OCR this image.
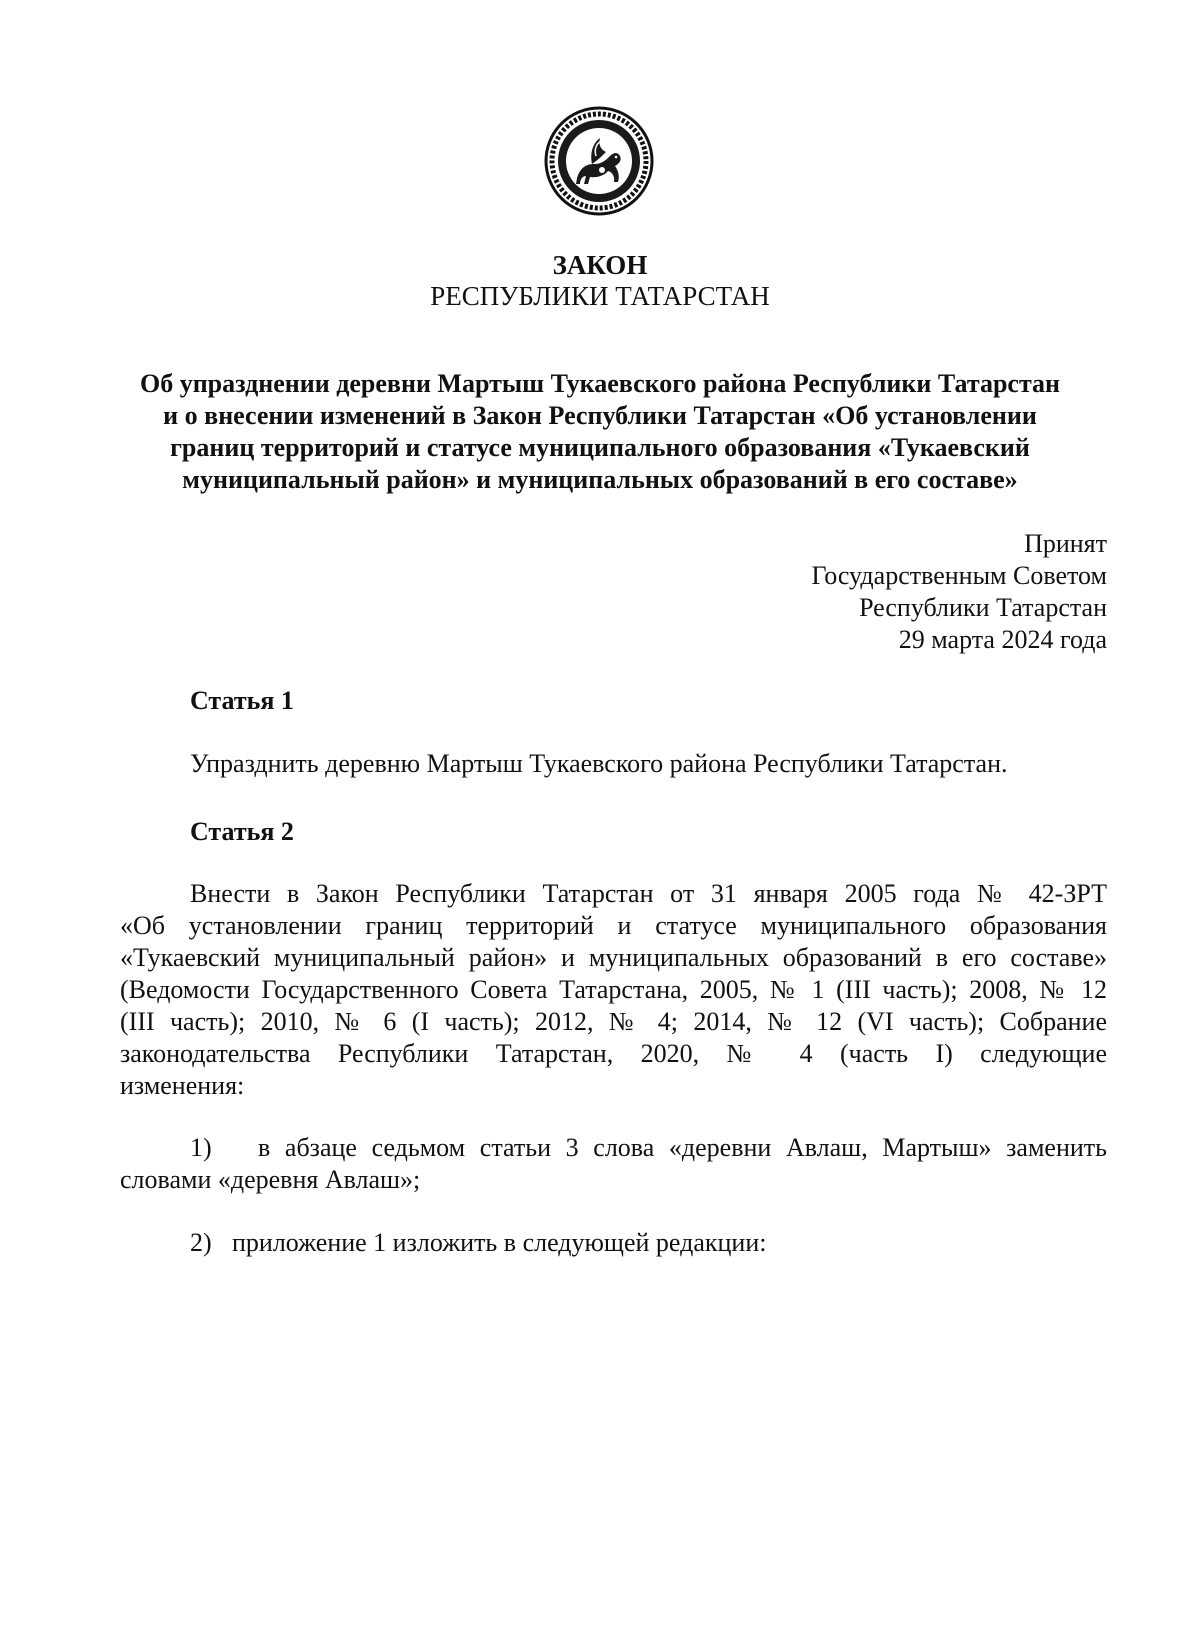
ЗАКОН
РЕСПУБЛИКИ ТАТАРСТАН
Об упразднении деревни Мартыш Тукаевского района Республики Татарстан
и о внесении изменений в Закон Республики Татарстан «Об установлении
границ территорий и статусе муниципального образования «Тукаевский
муниципальный район» и муниципальных образований в его составе»
Принят
Государственным Советом
Республики Татарстан
29 марта 2024 года
Статья 1
Упразднить деревню Мартыш Тукаевского района Республики Татарстан.
Статья 2
Внести в Закон Республики Татарстан от 31 января 2005 года № 42-ЗРТ
«Об установлении границ территорий и статусе муниципального образования
«Тукаевский муниципальный район» и муниципальных образований в его составе»
(Ведомости Государственного Совета Татарстана, 2005, № 1 (III часть); 2008, № 12
(III часть); 2010, № 6 (I часть); 2012, № 4; 2014, № 12 (VI часть); Собрание
законодательства Республики Татарстан, 2020, № 4 (часть I) следующие
изменения:
1) в абзаце седьмом статьи 3 слова «деревни Авлаш, Мартыш» заменить
словами «деревня Авлаш»;
2) приложение 1 изложить в следующей редакции:
